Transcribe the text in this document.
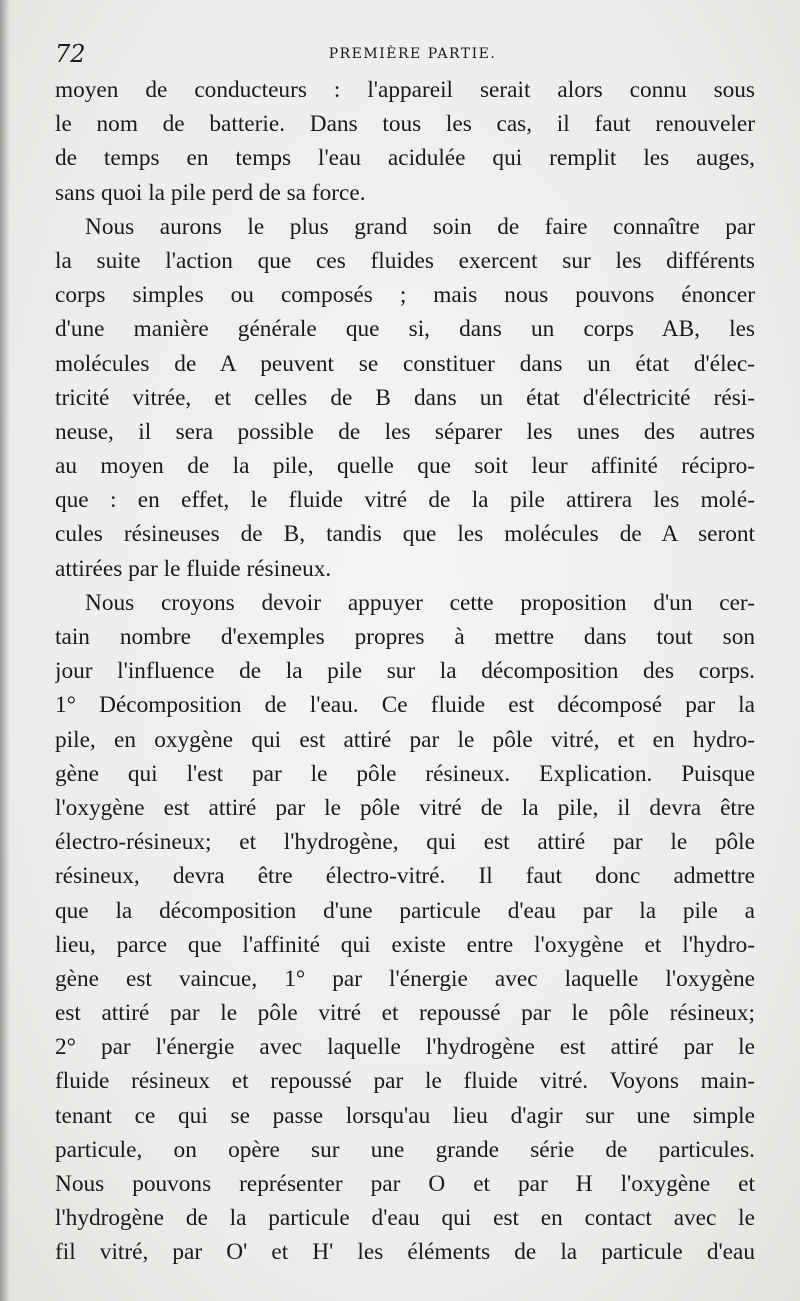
72	PREMIÈRE PARTIE.
moyen de conducteurs : l'appareil serait alors connu sous
le nom de batterie. Dans tous les cas, il faut renouveler
de temps en temps l'eau acidulée qui remplit les auges,
sans quoi la pile perd de sa force.
Nous aurons le plus grand soin de faire connaître par
la suite l'action que ces fluides exercent sur les différents
corps simples ou composés ; mais nous pouvons énoncer
d'une manière générale que si, dans un corps AB, les
molécules de A peuvent se constituer dans un état d'élec-
tricité vitrée, et celles de B dans un état d'électricité rési-
neuse, il sera possible de les séparer les unes des autres
au moyen de la pile, quelle que soit leur affinité récipro-
que : en effet, le fluide vitré de la pile attirera les molé-
cules résineuses de B, tandis que les molécules de A seront
attirées par le fluide résineux.
Nous croyons devoir appuyer cette proposition d'un cer-
tain nombre d'exemples propres à mettre dans tout son
jour l'influence de la pile sur la décomposition des corps.
1° Décomposition de l'eau. Ce fluide est décomposé par la
pile, en oxygène qui est attiré par le pôle vitré, et en hydro-
gène qui l'est par le pôle résineux. Explication. Puisque
l'oxygène est attiré par le pôle vitré de la pile, il devra être
électro-résineux; et l'hydrogène, qui est attiré par le pôle
résineux, devra être électro-vitré. Il faut donc admettre
que la décomposition d'une particule d'eau par la pile a
lieu, parce que l'affinité qui existe entre l'oxygène et l'hydro-
gène est vaincue, 1° par l'énergie avec laquelle l'oxygène
est attiré par le pôle vitré et repoussé par le pôle résineux;
2° par l'énergie avec laquelle l'hydrogène est attiré par le
fluide résineux et repoussé par le fluide vitré. Voyons main-
tenant ce qui se passe lorsqu'au lieu d'agir sur une simple
particule, on opère sur une grande série de particules.
Nous pouvons représenter par O et par H l'oxygène et
l'hydrogène de la particule d'eau qui est en contact avec le
fil vitré, par O' et H' les éléments de la particule d'eau
